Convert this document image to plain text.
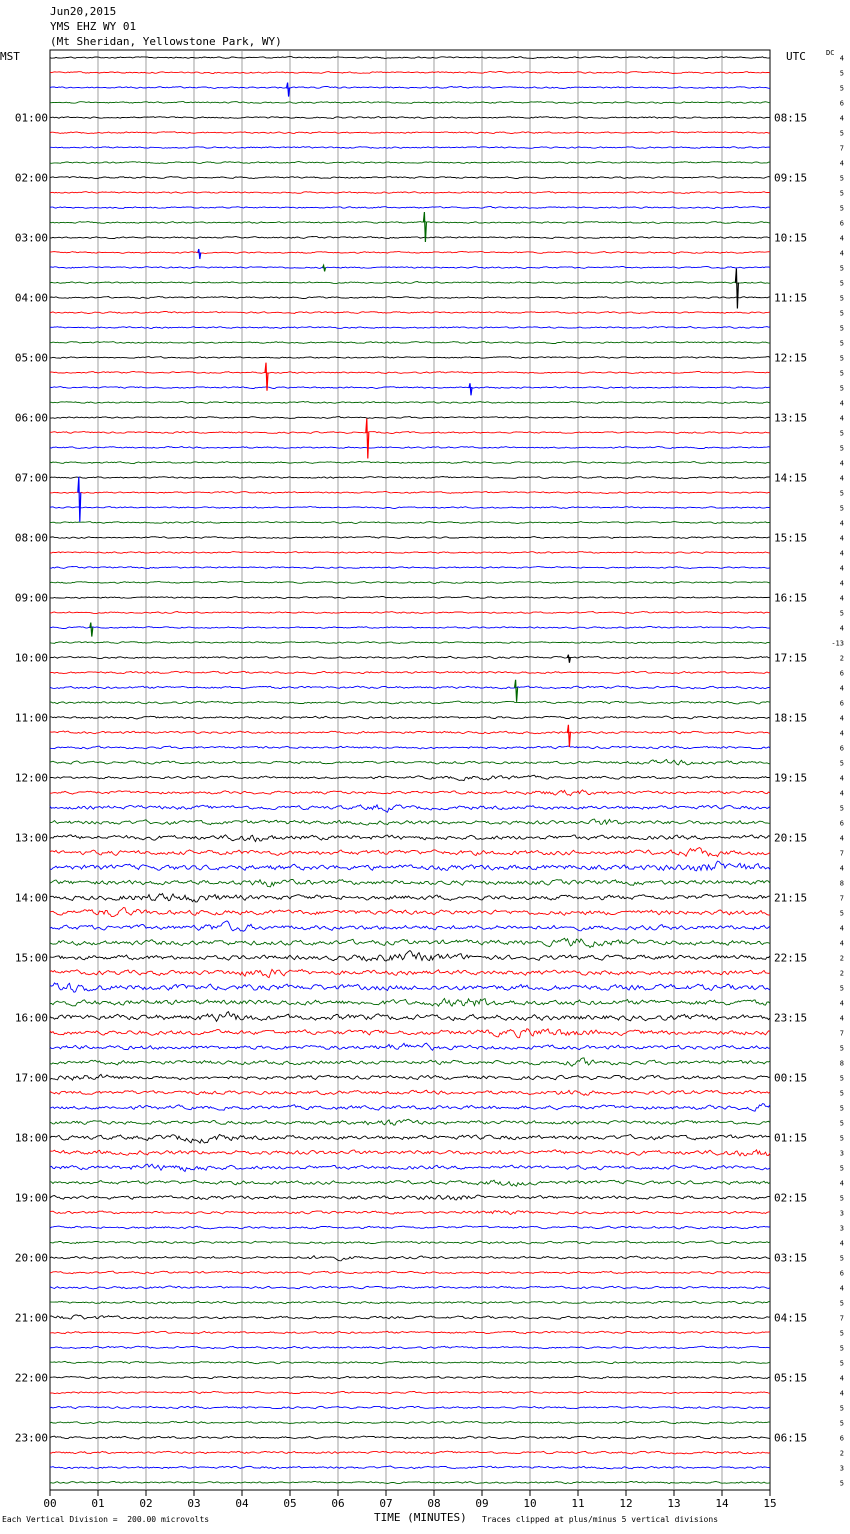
Jun20,2015
YMS EHZ WY 01
(Mt Sheridan, Yellowstone Park, WY)
MST	UTC	DC
00	01	02	03	04	05	06	07	08	09	10	11	12	13	14	15
01:00
02:00
03:00
04:00
05:00
06:00
07:00
08:00
09:00
10:00
11:00
12:00
13:00
14:00
15:00
16:00
17:00
18:00
19:00
20:00
21:00
22:00
23:00
08:15
09:15
10:15
11:15
12:15
13:15
14:15
15:15
16:15
17:15
18:15
19:15
20:15
21:15
22:15
23:15
00:15
01:15
02:15
03:15
04:15
05:15
06:15
4
5
5
6
4
5
7
4
5
5
5
6
4
4
5
5
5
5
5
5
5
5
5
4
4
5
5
4
4
5
5
4
4
4
4
4
4
5
4
-13
2
6
4
6
4
4
6
5
4
4
5
6
4
7
4
8
7
5
4
4
2
2
5
4
4
7
5
8
5
5
5
5
5
3
5
4
5
3
3
4
5
6
4
5
7
5
5
5
4
4
5
5
6
2
3
5
Each Vertical Division =  200.00 microvolts	TIME (MINUTES) Traces clipped at plus/minus 5 vertical divisions
